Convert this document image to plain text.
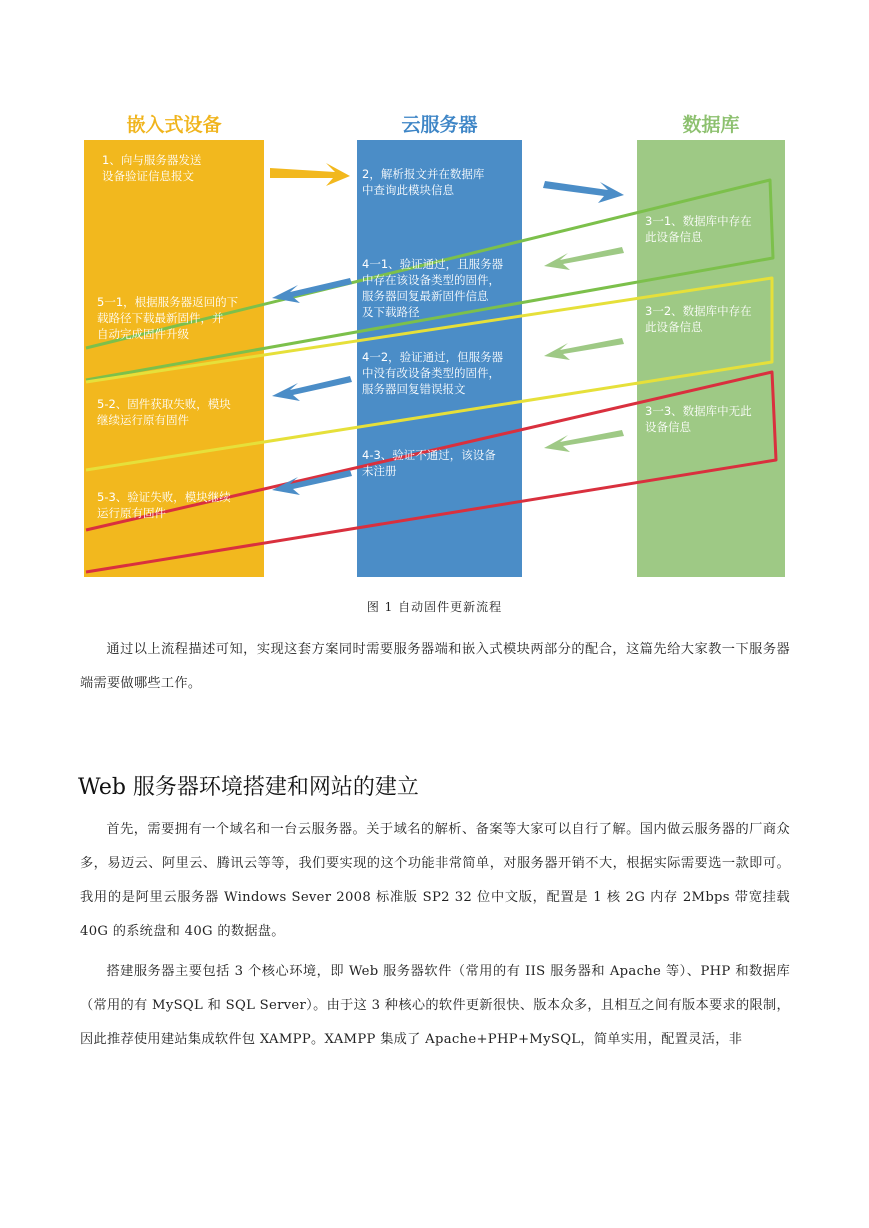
嵌入式设备	云服务器	数据库
1、向与服务器发送
设备验证信息报文	2，解析报文并在数据库
中查询此模块信息
3一1、数据库中存在
此设备信息
3一2、数据库中存在
此设备信息
3一3、数据库中无此
设备信息
4一1、验证通过，且服务器
中存在该设备类型的固件，
服务器回复最新固件信息
及下载路径
4一2，验证通过，但服务器
中没有改设备类型的固件，
服务器回复错误报文
4-3、验证不通过，该设备
未注册
5一1，根据服务器返回的下
载路径下载最新固件，并
自动完成固件升级
5-2、固件获取失败，模块
继续运行原有固件
5-3、验证失败，模块继续
运行原有固件
图 1 自动固件更新流程

通过以上流程描述可知，实现这套方案同时需要服务器端和嵌入式模块两部分的配合，这篇先给大家教一下服务器端需要做哪些工作。

Web 服务器环境搭建和网站的建立

首先，需要拥有一个域名和一台云服务器。关于域名的解析、备案等大家可以自行了解。国内做云服务器的厂商众多，易迈云、阿里云、腾讯云等等，我们要实现的这个功能非常简单，对服务器开销不大，根据实际需要选一款即可。我用的是阿里云服务器 Windows Sever 2008 标准版 SP2 32 位中文版，配置是 1 核 2G 内存 2Mbps 带宽挂载 40G 的系统盘和 40G 的数据盘。

搭建服务器主要包括 3 个核心环境，即 Web 服务器软件（常用的有 IIS 服务器和 Apache 等）、PHP 和数据库（常用的有 MySQL 和 SQL Server）。由于这 3 种核心的软件更新很快、版本众多，且相互之间有版本要求的限制，因此推荐使用建站集成软件包 XAMPP。XAMPP 集成了 Apache+PHP+MySQL，简单实用，配置灵活，非
